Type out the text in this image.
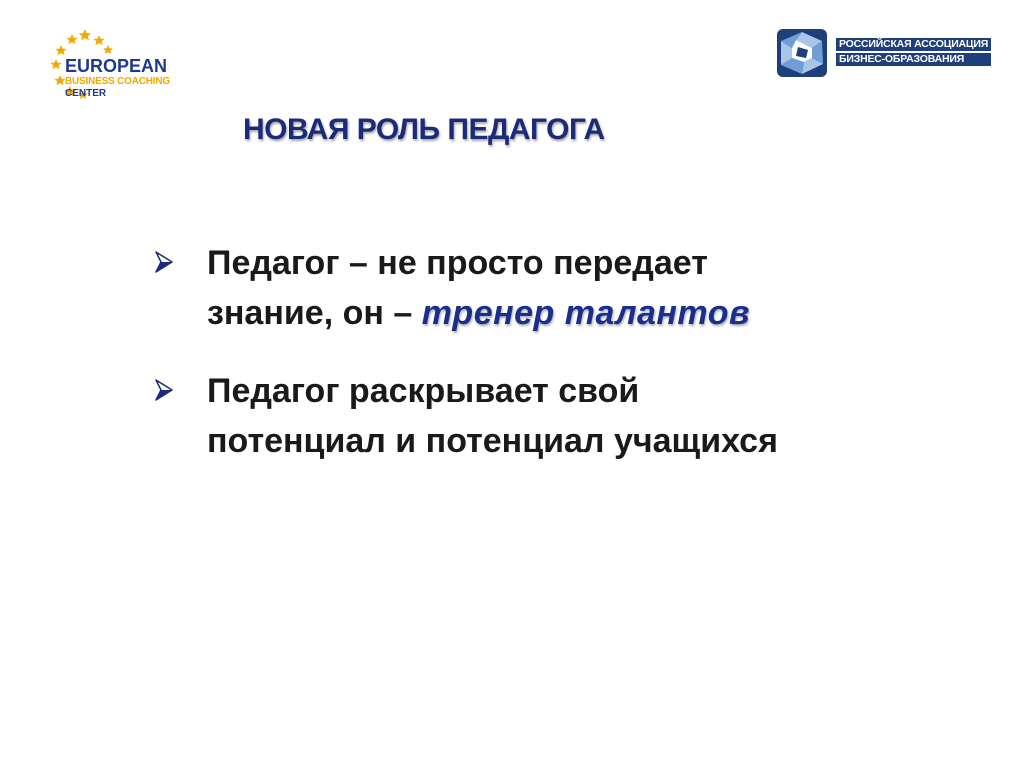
EUROPEAN
BUSINESS COACHING
CENTER
РОССИЙСКАЯ АССОЦИАЦИЯ
БИЗНЕС-ОБРАЗОВАНИЯ
НОВАЯ РОЛЬ ПЕДАГОГА
Педагог – не просто передает
знание, он – тренер талантов
Педагог раскрывает свой
потенциал и потенциал учащихся
